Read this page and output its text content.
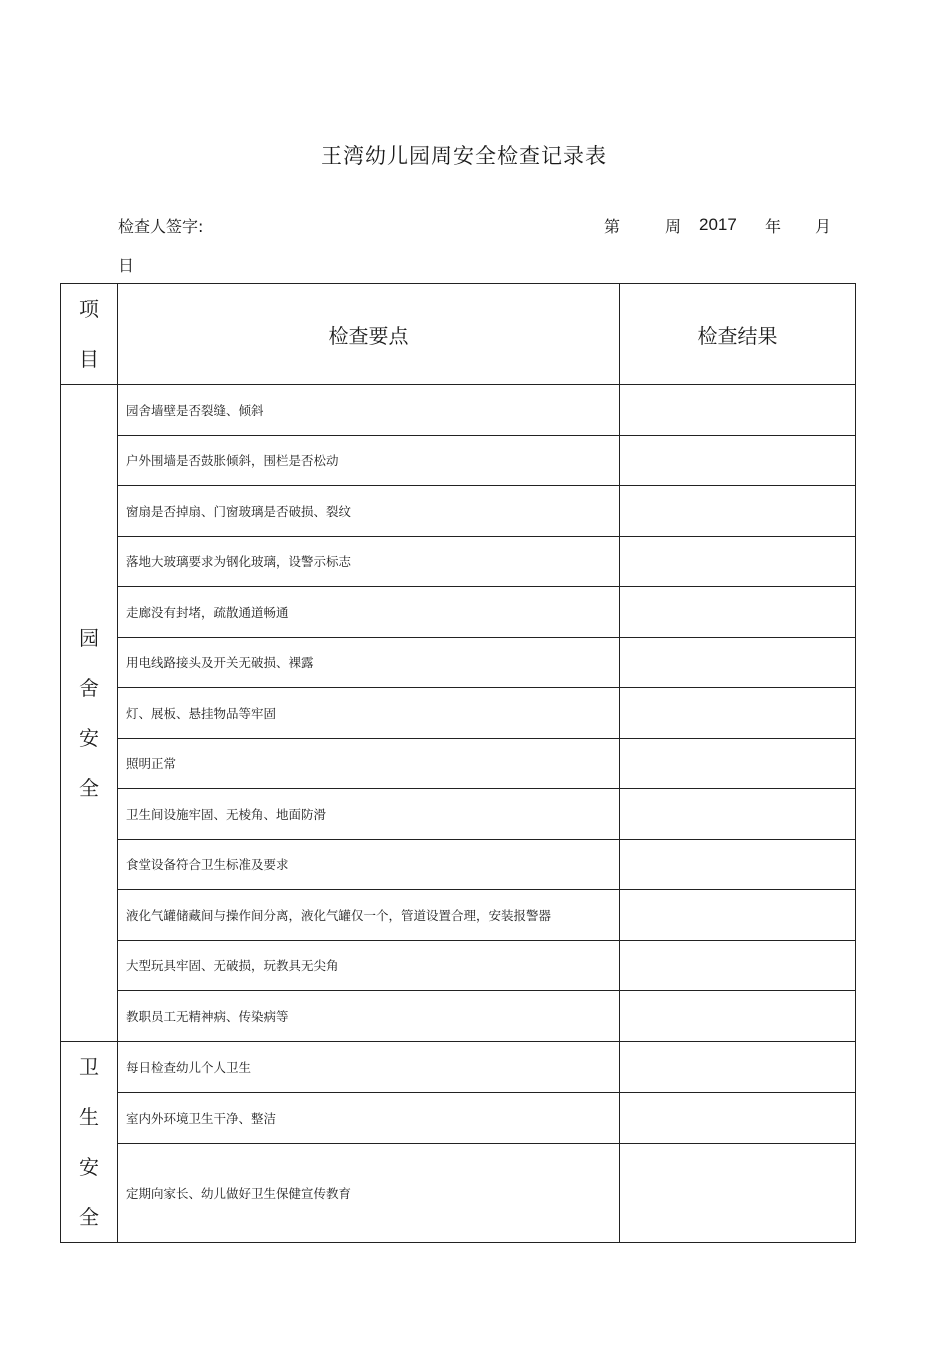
王湾幼儿园周安全检查记录表
检查人签字:	第	周 2017 年 月
日
项
目	检查要点	检查结果

园
舍
安
全	园舍墙壁是否裂缝、倾斜	
	户外围墙是否鼓胀倾斜，围栏是否松动	
	窗扇是否掉扇、门窗玻璃是否破损、裂纹	
	落地大玻璃要求为钢化玻璃，设警示标志	
	走廊没有封堵，疏散通道畅通	
	用电线路接头及开关无破损、裸露	
	灯、展板、悬挂物品等牢固	
	照明正常	
	卫生间设施牢固、无棱角、地面防滑	
	食堂设备符合卫生标准及要求	
	液化气罐储藏间与操作间分离，液化气罐仅一个，管道设置合理，安装报警器	
	大型玩具牢固、无破损，玩教具无尖角	
	教职员工无精神病、传染病等	

卫
生
安
全	每日检查幼儿个人卫生	
	室内外环境卫生干净、整洁	
	定期向家长、幼儿做好卫生保健宣传教育	
